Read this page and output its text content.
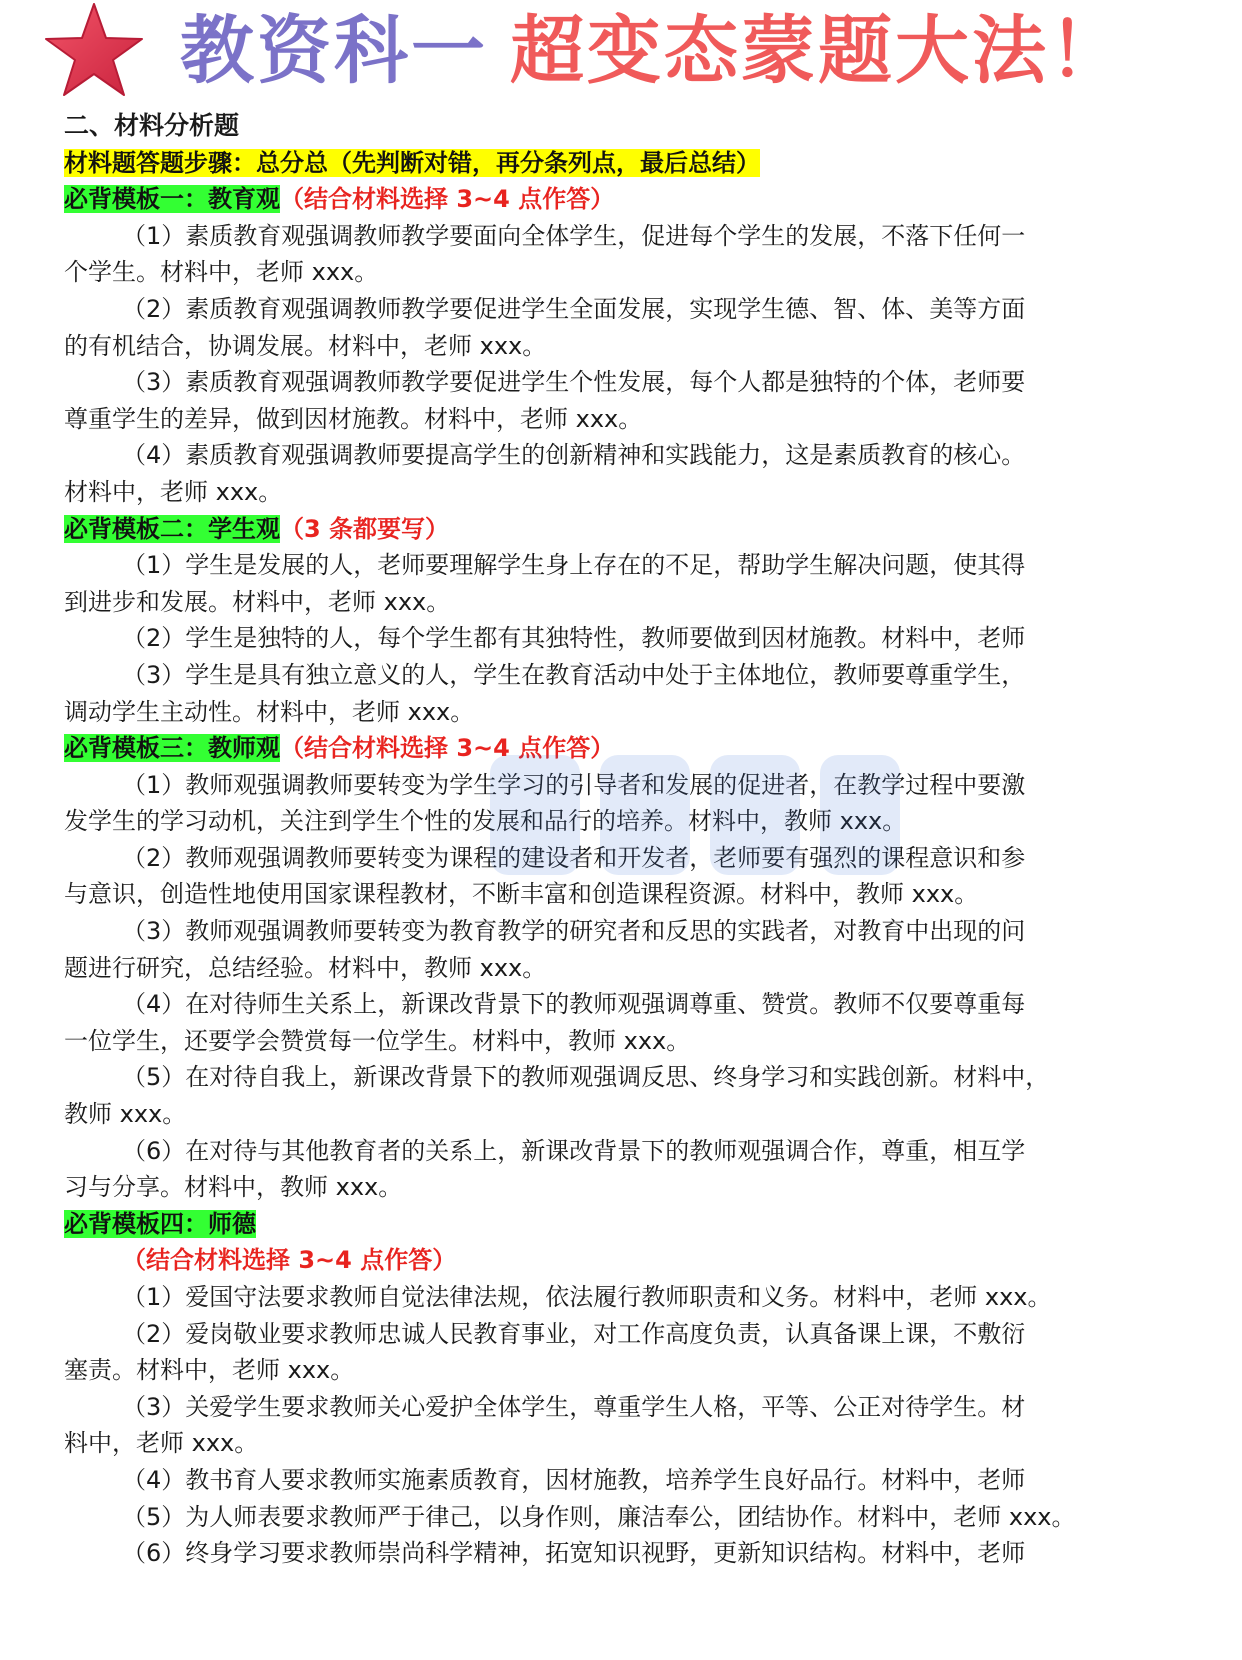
教资科一 超变态蒙题大法！
二、材料分析题
材料题答题步骤：总分总（先判断对错，再分条列点，最后总结）
必背模板一：教育观（结合材料选择 3~4 点作答）
（1）素质教育观强调教师教学要面向全体学生，促进每个学生的发展，不落下任何一
个学生。材料中，老师 xxx。
（2）素质教育观强调教师教学要促进学生全面发展，实现学生德、智、体、美等方面
的有机结合，协调发展。材料中，老师 xxx。
（3）素质教育观强调教师教学要促进学生个性发展，每个人都是独特的个体，老师要
尊重学生的差异，做到因材施教。材料中，老师 xxx。
（4）素质教育观强调教师要提高学生的创新精神和实践能力，这是素质教育的核心。
材料中，老师 xxx。
必背模板二：学生观（3 条都要写）
（1）学生是发展的人，老师要理解学生身上存在的不足，帮助学生解决问题，使其得
到进步和发展。材料中，老师 xxx。
（2）学生是独特的人，每个学生都有其独特性，教师要做到因材施教。材料中，老师
（3）学生是具有独立意义的人，学生在教育活动中处于主体地位，教师要尊重学生，
调动学生主动性。材料中，老师 xxx。
必背模板三：教师观（结合材料选择 3~4 点作答）
（1）教师观强调教师要转变为学生学习的引导者和发展的促进者，在教学过程中要激
发学生的学习动机，关注到学生个性的发展和品行的培养。材料中，教师 xxx。
（2）教师观强调教师要转变为课程的建设者和开发者，老师要有强烈的课程意识和参
与意识，创造性地使用国家课程教材，不断丰富和创造课程资源。材料中，教师 xxx。
（3）教师观强调教师要转变为教育教学的研究者和反思的实践者，对教育中出现的问
题进行研究，总结经验。材料中，教师 xxx。
（4）在对待师生关系上，新课改背景下的教师观强调尊重、赞赏。教师不仅要尊重每
一位学生，还要学会赞赏每一位学生。材料中，教师 xxx。
（5）在对待自我上，新课改背景下的教师观强调反思、终身学习和实践创新。材料中，
教师 xxx。
（6）在对待与其他教育者的关系上，新课改背景下的教师观强调合作，尊重，相互学
习与分享。材料中，教师 xxx。
必背模板四：师德
（结合材料选择 3~4 点作答）
（1）爱国守法要求教师自觉法律法规，依法履行教师职责和义务。材料中，老师 xxx。
（2）爱岗敬业要求教师忠诚人民教育事业，对工作高度负责，认真备课上课，不敷衍
塞责。材料中，老师 xxx。
（3）关爱学生要求教师关心爱护全体学生，尊重学生人格，平等、公正对待学生。材
料中，老师 xxx。
（4）教书育人要求教师实施素质教育，因材施教，培养学生良好品行。材料中，老师
（5）为人师表要求教师严于律己，以身作则，廉洁奉公，团结协作。材料中，老师 xxx。
（6）终身学习要求教师崇尚科学精神，拓宽知识视野，更新知识结构。材料中，老师
